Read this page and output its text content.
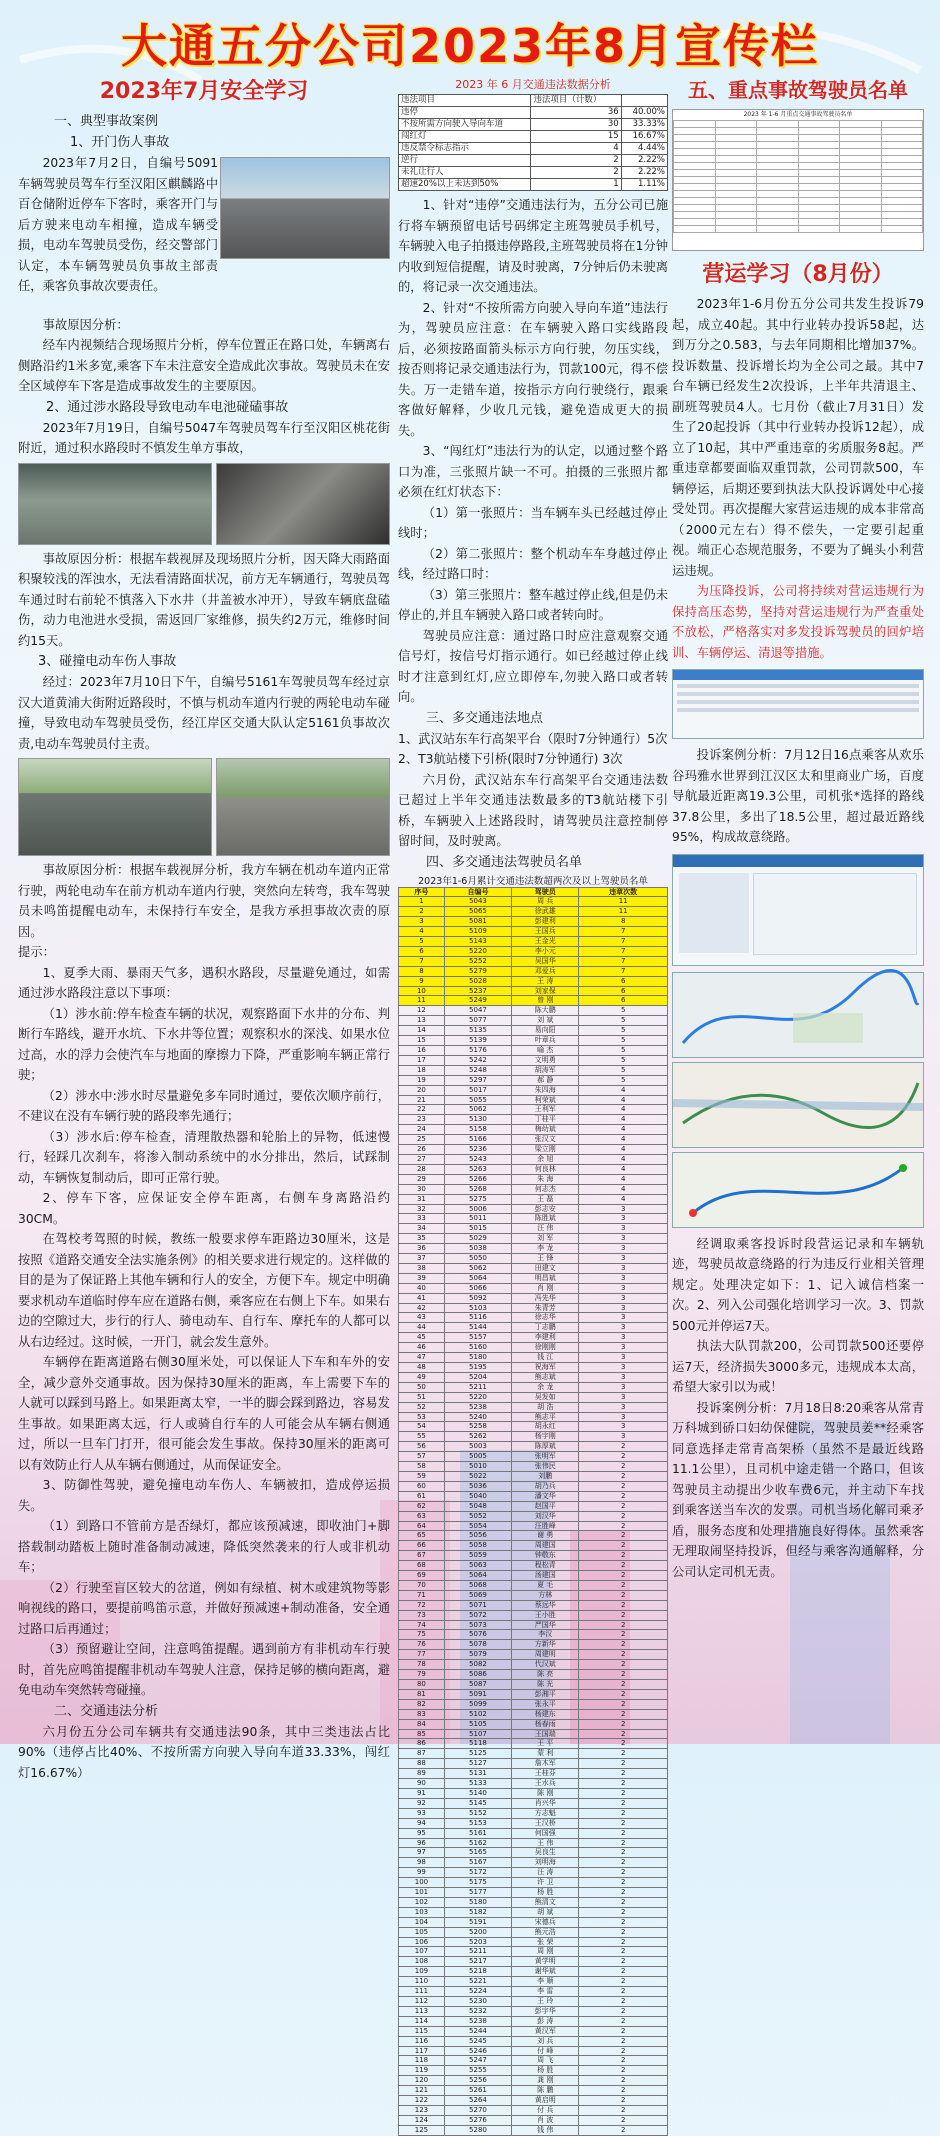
大通五分公司2023年8月宣传栏
2023年7月安全学习

一、典型事故案例

1、开门伤人事故

2023年7月2日，自编号5091车辆驾驶员驾车行至汉阳区麒麟路中百仓储附近停车下客时，乘客开门与后方驶来电动车相撞，造成车辆受损，电动车驾驶员受伤，经交警部门认定，本车辆驾驶员负事故主部责任，乘客负事故次要责任。

事故原因分析：

经车内视频结合现场照片分析，停车位置正在路口处，车辆离右侧路沿约1米多宽,乘客下车未注意安全造成此次事故。驾驶员未在安全区域停车下客是造成事故发生的主要原因。

2、通过涉水路段导致电动车电池碰磕事故

2023年7月19日，自编号5047车驾驶员驾车行至汉阳区桃花街附近，通过积水路段时不慎发生单方事故，

事故原因分析：根据车载视屏及现场照片分析，因天降大雨路面积聚较浅的浑浊水，无法看清路面状况，前方无车辆通行，驾驶员驾车通过时右前轮不慎落入下水井（井盖被水冲开），导致车辆底盘磕伤，动力电池进水受损，需返回厂家维修，损失约2万元，维修时间约15天。

3、碰撞电动车伤人事故

经过：2023年7月10日下午，自编号5161车驾驶员驾车经过京汉大道黄浦大街附近路段时，不慎与机动车道内行驶的两轮电动车碰撞，导致电动车驾驶员受伤，经江岸区交通大队认定5161负事故次责,电动车驾驶员付主责。

事故原因分析：根据车载视屏分析，我方车辆在机动车道内正常行驶，两轮电动车在前方机动车道内行驶，突然向左转弯，我车驾驶员未鸣笛提醒电动车，未保持行车安全，是我方承担事故次责的原因。

提示：

1、夏季大雨、暴雨天气多，遇积水路段，尽量避免通过，如需通过涉水路段注意以下事项：

（1）涉水前:停车检查车辆的状况，观察路面下水井的分布、判断行车路线，避开水坑、下水井等位置；观察积水的深浅、如果水位过高，水的浮力会使汽车与地面的摩擦力下降，严重影响车辆正常行驶；

（2）涉水中:涉水时尽量避免多车同时通过，要依次顺序前行，不建议在没有车辆行驶的路段率先通行；

（3）涉水后:停车检查，清理散热器和轮胎上的异物，低速慢行，轻踩几次刹车，将渗入制动系统中的水分排出，然后，试踩制动，车辆恢复制动后，即可正常行驶。

2、停车下客，应保证安全停车距离，右侧车身离路沿约30CM。

在驾校考驾照的时候，教练一般要求停车距路边30厘米，这是按照《道路交通安全法实施条例》的相关要求进行规定的。这样做的目的是为了保证路上其他车辆和行人的安全，方便下车。规定中明确要求机动车道临时停车应在道路右侧，乘客应在右侧上下车。如果右边的空隙过大，步行的行人、骑电动车、自行车、摩托车的人都可以从右边经过。这时候，一开门，就会发生意外。

车辆停在距离道路右侧30厘米处，可以保证人下车和车外的安全，减少意外交通事故。因为保持30厘米的距离，车上需要下车的人就可以踩到马路上。如果距离太窄，一半的脚会踩到路边，容易发生事故。如果距离太远，行人或骑自行车的人可能会从车辆右侧通过，所以一旦车门打开，很可能会发生事故。保持30厘米的距离可以有效防止行人从车辆右侧通过，从而保证安全。

3、防御性驾驶，避免撞电动车伤人、车辆被扣，造成停运损失。

（1）到路口不管前方是否绿灯，都应该预减速，即收油门+脚搭载制动踏板上随时准备制动减速，降低突然袭来的行人或非机动车；

（2）行驶至盲区较大的岔道，例如有绿植、树木或建筑物等影响视线的路口，要提前鸣笛示意，并做好预减速+制动准备，安全通过路口后再通过；

（3）预留避让空间，注意鸣笛提醒。遇到前方有非机动车行驶时，首先应鸣笛提醒非机动车驾驶人注意，保持足够的横向距离，避免电动车突然转弯碰撞。

二、交通违法分析

六月份五分公司车辆共有交通违法90条，其中三类违法占比90%（违停占比40%、不按所需方向驶入导向车道33.33%，闯红灯16.67%）

2023 年 6 月交通违法数据分析
违法项目	违法项目（计数）	
违停	36	40.00%
不按所需方向驶入导向车道	30	33.33%
闯红灯	15	16.67%
违反禁令标志指示	4	4.44%
逆行	2	2.22%
未礼让行人	2	2.22%
超速20%以上未达到50%	1	1.11%

1、针对“违停”交通违法行为，五分公司已施行将车辆预留电话号码绑定主班驾驶员手机号，车辆驶入电子拍摄违停路段,主班驾驶员将在1分钟内收到短信提醒，请及时驶离，7分钟后仍未驶离的，将记录一次交通违法。

2、针对“不按所需方向驶入导向车道”违法行为，驾驶员应注意：在车辆驶入路口实线路段后，必须按路面箭头标示方向行驶，勿压实线，按否则将记录交通违法行为，罚款100元，得不偿失。万一走错车道，按指示方向行驶绕行，跟乘客做好解释，少收几元钱，避免造成更大的损失。

3、“闯红灯”违法行为的认定，以通过整个路口为准，三张照片缺一不可。拍摄的三张照片都必须在红灯状态下：

（1）第一张照片：当车辆车头已经越过停止线时；

（2）第二张照片：整个机动车车身越过停止线，经过路口时：

（3）第三张照片：整车越过停止线,但是仍未停止的,并且车辆驶入路口或者转向时。

驾驶员应注意：通过路口时应注意观察交通信号灯，按信号灯指示通行。如已经越过停止线时才注意到红灯,应立即停车,勿驶入路口或者转向。

三、多交通违法地点

1、武汉站东车行高架平台（限时7分钟通行）5次

2、T3航站楼下引桥(限时7分钟通行) 3次

六月份，武汉站东车行高架平台交通违法数已超过上半年交通违法数最多的T3航站楼下引桥，车辆驶入上述路段时，请驾驶员注意控制停留时间，及时驶离。

四、多交通违法驾驶员名单

2023年1-6月累计交通违法数超两次及以上驾驶员名单
序号	自编号	驾驶员	违章次数
1	5043	周 兵	11
2	5065	徐武雄	11
3	5081	彭建利	8
4	5109	王国兵	7
5	5143	王金光	7
6	5220	李小元	7
7	5252	吴国华	7
8	5279	邓爱兵	7
9	5028	王 涛	6
10	5237	刘家保	6
11	5249	曾 刚	6
12	5047	陈大鹏	5
13	5077	刘 斌	5
14	5135	易向阳	5
15	5139	叶章兵	5
16	5176	喻 杰	5
17	5242	文明勇	5
18	5248	胡涛军	5
19	5297	郝 静	5
20	5017	朱四海	4
21	5055	柯荣斌	4
22	5062	王利军	4
23	5130	丁桂平	4
24	5158	梅幼斌	4
25	5166	张汉文	4
26	5236	梁立刚	4
27	5243	余 旭	4
28	5263	何良林	4
29	5266	朱 海	4
30	5268	何志杰	4
31	5275	王 磊	4
32	5006	彭志安	3
33	5011	陈胜斌	3
34	5015	汪 伟	3
35	5029	刘 军	3
36	5038	李 龙	3
37	5050	王 锋	3
38	5062	田建文	3
39	5064	明昌斌	3
40	5066	肖 刚	3
41	5092	冯先华	3
42	5103	朱青芳	3
43	5116	徐志华	3
44	5144	丁志鹏	3
45	5157	李建利	3
46	5160	徐刚刚	3
47	5180	钱 江	3
48	5195	祝海军	3
49	5204	熊志斌	3
50	5211	余 龙	3
51	5220	吴发如	3
52	5238	胡 浩	3
53	5240	熊志平	3
54	5258	胡永红	3
55	5262	杨宇刚	3
56	5003	陈厚斌	2
57	5005	张明军	2
58	5010	张伟民	2
59	5022	刘鹏	2
60	5036	胡乃兵	2
61	5040	潘文华	2
62	5048	赵国平	2
63	5052	刘汉华	2
64	5054	汪胜峰	2
65	5056	谢 勇	2
66	5058	周建国	2
67	5059	钟敬东	2
68	5063	程松青	2
69	5064	汤建国	2
70	5068	夏 毛	2
71	5069	方林	2
72	5071	蔡远华	2
73	5072	王小胜	2
74	5073	严国华	2
75	5076	李汉	2
76	5078	方新华	2
77	5079	周建明	2
78	5082	代汉斌	2
79	5086	陈 亮	2
80	5087	陈 光	2
81	5091	彭湘平	2
82	5099	张永平	2
83	5102	杨建东	2
84	5105	杨春雨	2
85	5107	王国瑞	2
86	5118	王 平	2
87	5125	蒙 利	2
88	5127	詹木军	2
89	5131	王桂芬	2
90	5133	王水兵	2
91	5140	陈 刚	2
92	5145	肖兴华	2
93	5152	方志魁	2
94	5153	王汉桥	2
95	5161	何国强	2
96	5162	王 伟	2
97	5165	吴良生	2
98	5167	刘明海	2
99	5172	汪 涛	2
100	5175	许 卫	2
101	5177	杨 胜	2
102	5180	熊清文	2
103	5182	胡 斌	2
104	5191	宋德兵	2
105	5200	熊元浩	2
106	5203	张 荣	2
107	5211	周 刚	2
108	5217	黄学明	2
109	5218	谢华斌	2
110	5221	李 顺	2
111	5224	李 雷	2
112	5230	王 玲	2
113	5232	彭宇华	2
114	5238	彭 涛	2
115	5244	黄汉军	2
116	5245	刘 兵	2
117	5246	付 峰	2
118	5247	周 飞	2
119	5255	杨 胜	2
120	5256	龚 刚	2
121	5261	陈 鹏	2
122	5264	黄启明	2
123	5270	付 兵	2
124	5276	肖 波	2
125	5280	钱 伟	2
五、重点事故驾驶员名单
2023 年 1-6 月重点交通事故驾驶员名单

营运学习（8月份）

2023年1-6月份五分公司共发生投诉79起，成立40起。其中行业转办投诉58起，达到万分之0.583，与去年同期相比增加37%。投诉数量、投诉增长均为全公司之最。其中7台车辆已经发生2次投诉，上半年共清退主、副班驾驶员4人。七月份（截止7月31日）发生了20起投诉（其中行业转办投诉12起），成立了10起，其中严重违章的劣质服务8起。严重违章都要面临双重罚款，公司罚款500，车辆停运，后期还要到执法大队投诉调处中心接受处罚。再次提醒大家营运违规的成本非常高（2000元左右）得不偿失，一定要引起重视。端正心态规范服务，不要为了蝇头小利营运违规。

为压降投诉，公司将持续对营运违规行为保持高压态势，坚持对营运违规行为严查重处不放松，严格落实对多发投诉驾驶员的回炉培训、车辆停运、清退等措施。

投诉案例分析：7月12日16点乘客从欢乐谷玛雅水世界到江汉区太和里商业广场，百度导航最近距离19.3公里，司机张*选择的路线37.8公里，多出了18.5公里，超过最近路线95%，构成故意绕路。

经调取乘客投诉时段营运记录和车辆轨迹，驾驶员故意绕路的行为违反行业相关管理规定。处理决定如下：1、记入诚信档案一次。2、列入公司强化培训学习一次。3、罚款500元并停运7天。

执法大队罚款200，公司罚款500还要停运7天，经济损失3000多元，违规成本太高，希望大家引以为戒！

投诉案例分析：7月18日8:20乘客从常青万科城到硚口妇幼保健院，驾驶员姜**经乘客同意选择走常青高架桥（虽然不是最近线路11.1公里），且司机中途走错一个路口，但该驾驶员主动提出少收车费6元，并主动下车找到乘客送当车次的发票。司机当场化解司乘矛盾，服务态度和处理措施良好得体。虽然乘客无理取闹坚持投诉，但经与乘客沟通解释，分公司认定司机无责。
